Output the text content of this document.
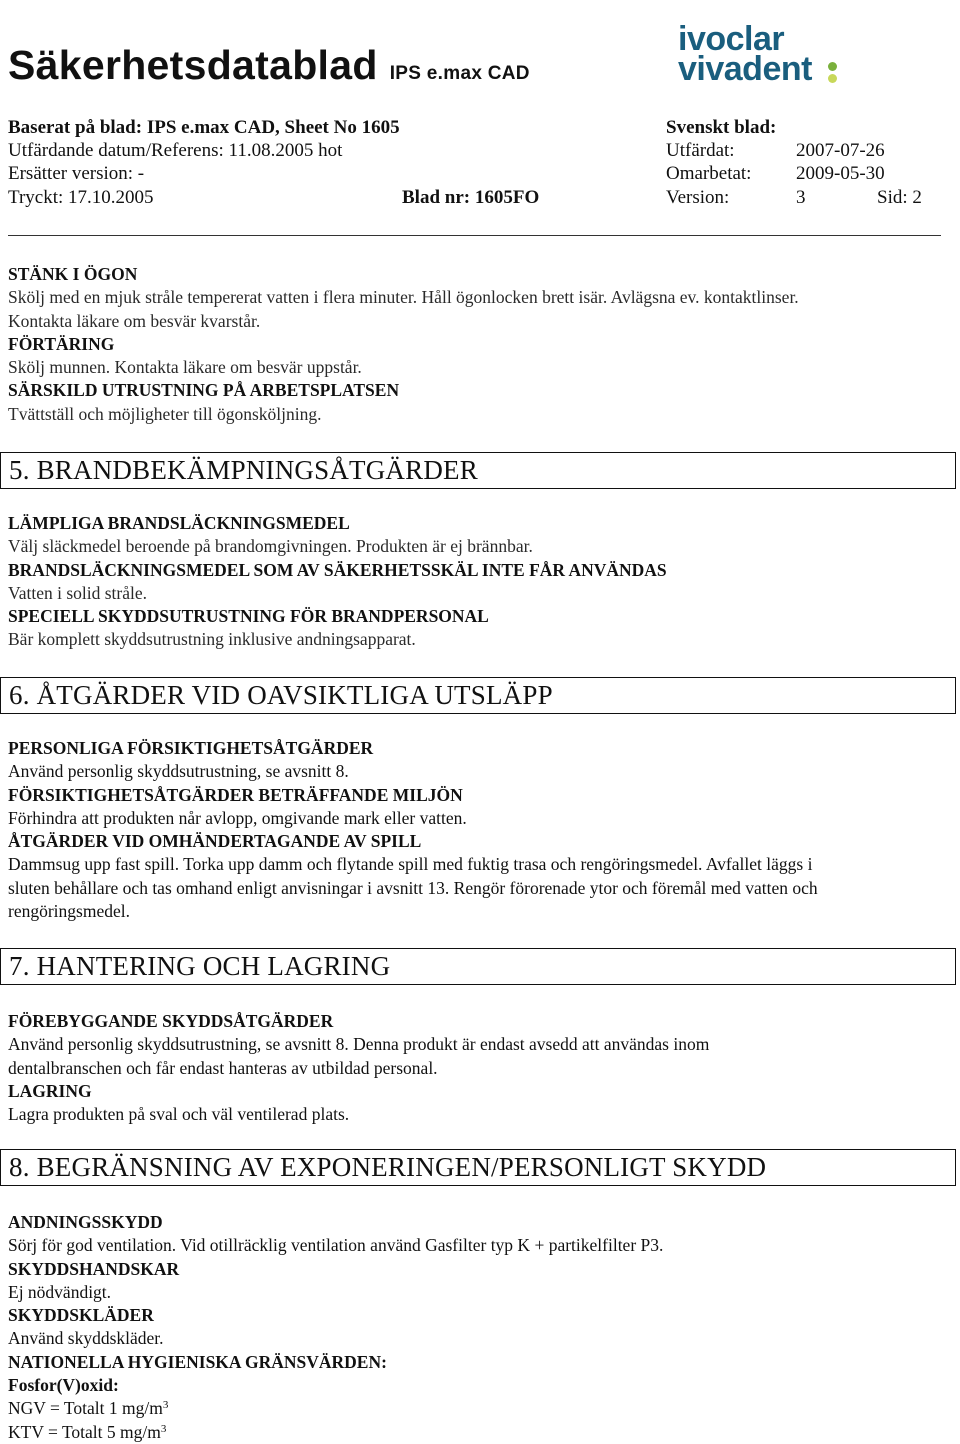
Säkerhetsdatablad IPS e.max CAD
ivoclar
vivadent
Baserat på blad: IPS e.max CAD, Sheet No 1605
Utfärdande datum/Referens: 11.08.2005 hot
Ersätter version: -
Tryckt: 17.10.2005	Blad nr: 1605FO
Svenskt blad:
Utfärdat:	2007-07-26
Omarbetat: 2009-05-30
Version:	3	Sid: 2

STÄNK I ÖGON

Skölj med en mjuk stråle tempererat vatten i flera minuter. Håll ögonlocken brett isär. Avlägsna ev. kontaktlinser.

Kontakta läkare om besvär kvarstår.

FÖRTÄRING

Skölj munnen. Kontakta läkare om besvär uppstår.

SÄRSKILD UTRUSTNING PÅ ARBETSPLATSEN

Tvättställ och möjligheter till ögonsköljning.

5. BRANDBEKÄMPNINGSÅTGÄRDER

LÄMPLIGA BRANDSLÄCKNINGSMEDEL

Välj släckmedel beroende på brandomgivningen. Produkten är ej brännbar.

BRANDSLÄCKNINGSMEDEL SOM AV SÄKERHETSSKÄL INTE FÅR ANVÄNDAS

Vatten i solid stråle.

SPECIELL SKYDDSUTRUSTNING FÖR BRANDPERSONAL

Bär komplett skyddsutrustning inklusive andningsapparat.

6. ÅTGÄRDER VID OAVSIKTLIGA UTSLÄPP

PERSONLIGA FÖRSIKTIGHETSÅTGÄRDER

Använd personlig skyddsutrustning, se avsnitt 8.

FÖRSIKTIGHETSÅTGÄRDER BETRÄFFANDE MILJÖN

Förhindra att produkten når avlopp, omgivande mark eller vatten.

ÅTGÄRDER VID OMHÄNDERTAGANDE AV SPILL

Dammsug upp fast spill. Torka upp damm och flytande spill med fuktig trasa och rengöringsmedel. Avfallet läggs i

sluten behållare och tas omhand enligt anvisningar i avsnitt 13. Rengör förorenade ytor och föremål med vatten och

rengöringsmedel.

7. HANTERING OCH LAGRING

FÖREBYGGANDE SKYDDSÅTGÄRDER

Använd personlig skyddsutrustning, se avsnitt 8. Denna produkt är endast avsedd att användas inom

dentalbranschen och får endast hanteras av utbildad personal.

LAGRING

Lagra produkten på sval och väl ventilerad plats.

8. BEGRÄNSNING AV EXPONERINGEN/PERSONLIGT SKYDD

ANDNINGSSKYDD

Sörj för god ventilation. Vid otillräcklig ventilation använd Gasfilter typ K + partikelfilter P3.

SKYDDSHANDSKAR

Ej nödvändigt.

SKYDDSKLÄDER

Använd skyddskläder.

NATIONELLA HYGIENISKA GRÄNSVÄRDEN:

Fosfor(V)oxid:

NGV = Totalt 1 $mg/m^3$

KTV = Totalt 5 $mg/m^3$
